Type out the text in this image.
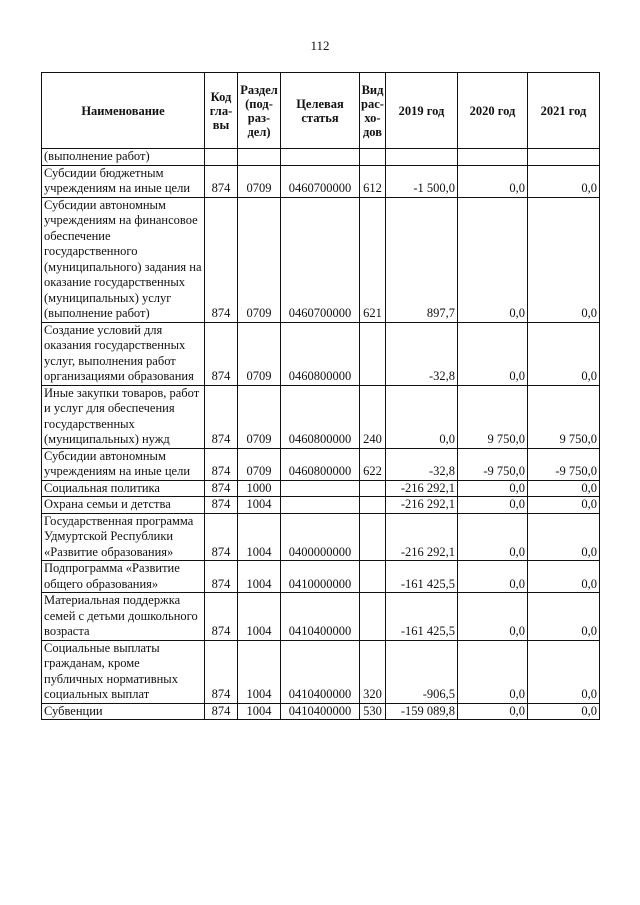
112
Наименование	Код гла-вы	Раздел (под-раз-дел)	Целевая статья	Вид рас-хо-дов	2019 год	2020 год	2021 год
(выполнение работ)							
Субсидии бюджетным учреждениям на иные цели	874	0709	0460700000	612	-1 500,0	0,0	0,0
Субсидии автономным учреждениям на финансовое обеспечение государственного (муниципального) задания на оказание государственных (муниципальных) услуг (выполнение работ)	874	0709	0460700000	621	897,7	0,0	0,0
Создание условий для оказания государственных услуг, выполнения работ организациями образования	874	0709	0460800000		-32,8	0,0	0,0
Иные закупки товаров, работ и услуг для обеспечения государственных (муниципальных) нужд	874	0709	0460800000	240	0,0	9 750,0	9 750,0
Субсидии автономным учреждениям на иные цели	874	0709	0460800000	622	-32,8	-9 750,0	-9 750,0
Социальная политика	874	1000			-216 292,1	0,0	0,0
Охрана семьи и детства	874	1004			-216 292,1	0,0	0,0
Государственная программа Удмуртской Республики «Развитие образования»	874	1004	0400000000		-216 292,1	0,0	0,0
Подпрограмма «Развитие общего образования»	874	1004	0410000000		-161 425,5	0,0	0,0
Материальная поддержка семей с детьми дошкольного возраста	874	1004	0410400000		-161 425,5	0,0	0,0
Социальные выплаты гражданам, кроме публичных нормативных социальных выплат	874	1004	0410400000	320	-906,5	0,0	0,0
Субвенции	874	1004	0410400000	530	-159 089,8	0,0	0,0
